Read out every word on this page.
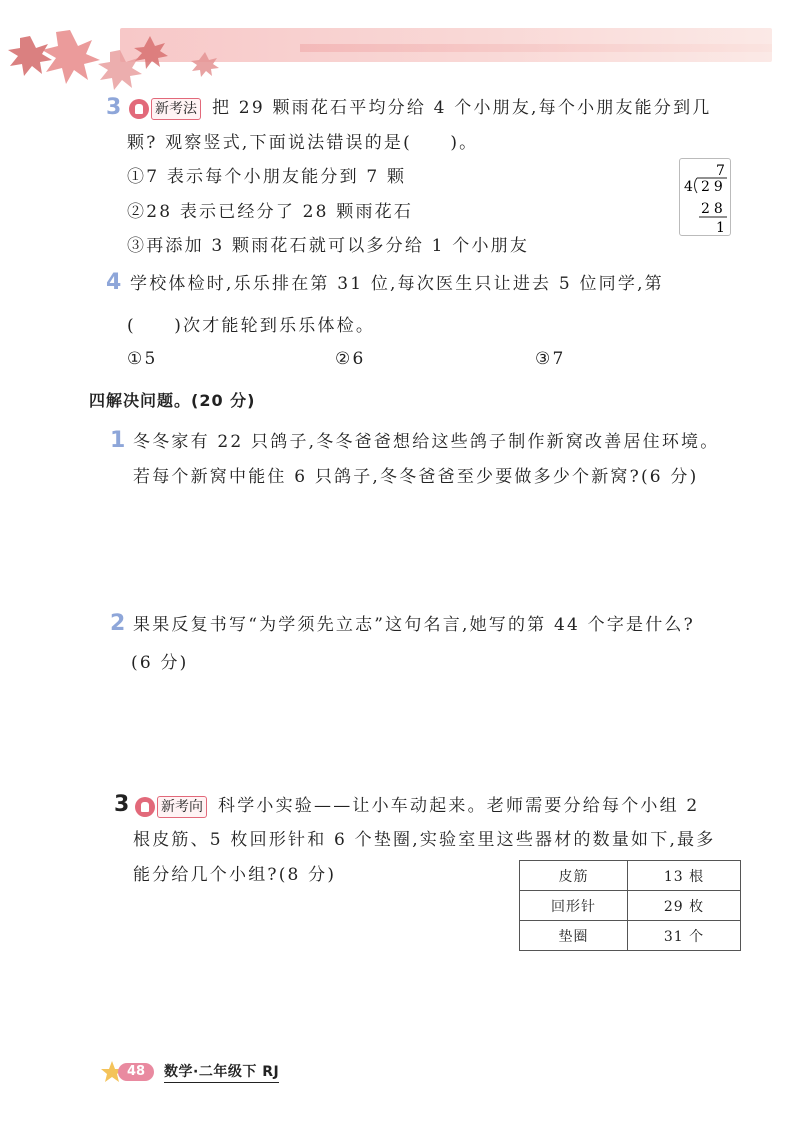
3 新考法 把 29 颗雨花石平均分给 4 个小朋友,每个小朋友能分到几
颗? 观察竖式,下面说法错误的是(　　)。
①7 表示每个小朋友能分到 7 颗
②28 表示已经分了 28 颗雨花石
③再添加 3 颗雨花石就可以多分给 1 个小朋友
7
4 29
28
1
4 学校体检时,乐乐排在第 31 位,每次医生只让进去 5 位同学,第
(　　)次才能轮到乐乐体检。
①5	②6	③7
四解决问题。(20 分)
1 冬冬家有 22 只鸽子,冬冬爸爸想给这些鸽子制作新窝改善居住环境。
若每个新窝中能住 6 只鸽子,冬冬爸爸至少要做多少个新窝?(6 分)
2 果果反复书写“为学须先立志”这句名言,她写的第 44 个字是什么?
(6 分)
3 新考向 科学小实验——让小车动起来。老师需要分给每个小组 2
根皮筋、5 枚回形针和 6 个垫圈,实验室里这些器材的数量如下,最多
能分给几个小组?(8 分)	皮筋	13 根
回形针	29 枚
垫圈	31 个
48	数学·二年级下 RJ
